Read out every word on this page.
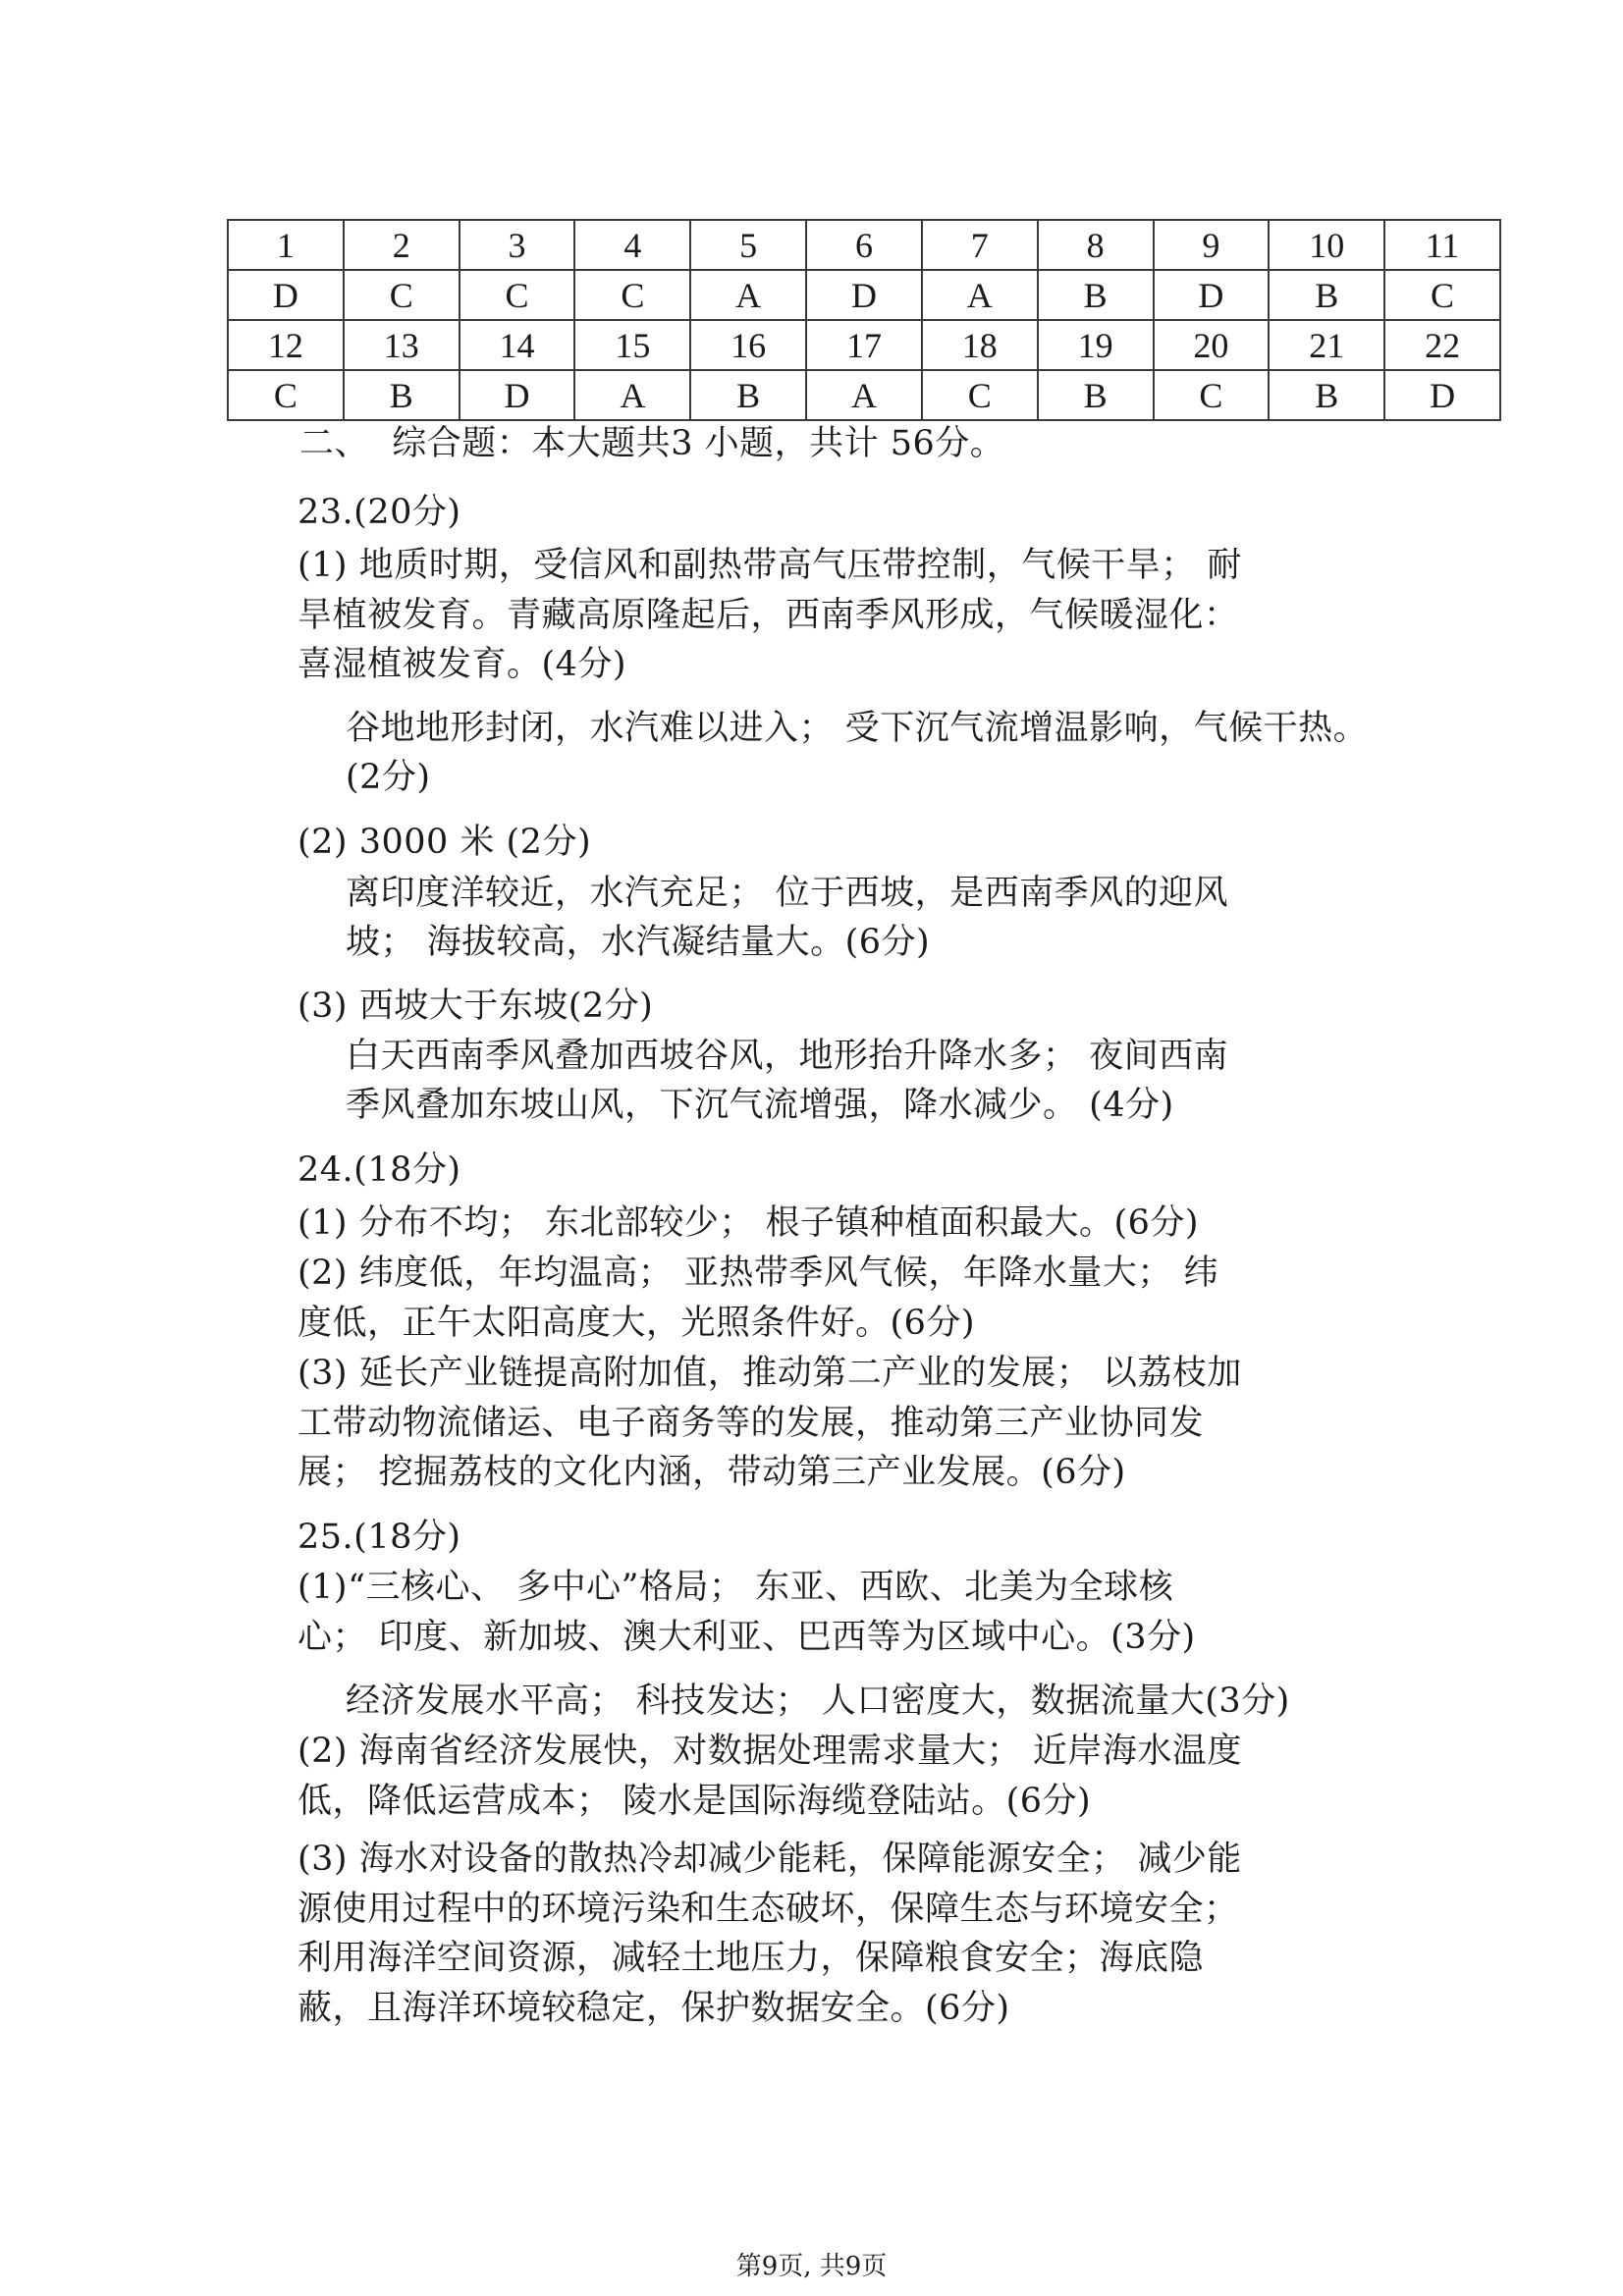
1	2	3	4	5	6	7	8	9	10	11
D	C	C	C	A	D	A	B	D	B	C
12	13	14	15	16	17	18	19	20	21	22
C	B	D	A	B	A	C	B	C	B	D
二、  综合题：本大题共3 小题，共计 56分。
23.(20分)
(1) 地质时期，受信风和副热带高气压带控制，气候干旱； 耐
旱植被发育。青藏高原隆起后，西南季风形成，气候暖湿化：
喜湿植被发育。(4分)
谷地地形封闭，水汽难以进入； 受下沉气流增温影响，气候干热。
(2分)
(2) 3000 米 (2分)
离印度洋较近，水汽充足； 位于西坡，是西南季风的迎风
坡； 海拔较高，水汽凝结量大。(6分)
(3) 西坡大于东坡(2分)
白天西南季风叠加西坡谷风，地形抬升降水多； 夜间西南
季风叠加东坡山风，下沉气流增强，降水减少。 (4分)
24.(18分)
(1) 分布不均； 东北部较少； 根子镇种植面积最大。(6分)
(2) 纬度低，年均温高； 亚热带季风气候，年降水量大； 纬
度低，正午太阳高度大，光照条件好。(6分)
(3) 延长产业链提高附加值，推动第二产业的发展； 以荔枝加
工带动物流储运、电子商务等的发展，推动第三产业协同发
展； 挖掘荔枝的文化内涵，带动第三产业发展。(6分)
25.(18分)
(1)“三核心、 多中心”格局； 东亚、西欧、北美为全球核
心； 印度、新加坡、澳大利亚、巴西等为区域中心。(3分)
经济发展水平高； 科技发达； 人口密度大，数据流量大(3分)
(2) 海南省经济发展快，对数据处理需求量大； 近岸海水温度
低，降低运营成本； 陵水是国际海缆登陆站。(6分)
(3) 海水对设备的散热冷却减少能耗，保障能源安全； 减少能
源使用过程中的环境污染和生态破坏，保障生态与环境安全；
利用海洋空间资源，减轻土地压力，保障粮食安全；海底隐
蔽，且海洋环境较稳定，保护数据安全。(6分)
第9页, 共9页
